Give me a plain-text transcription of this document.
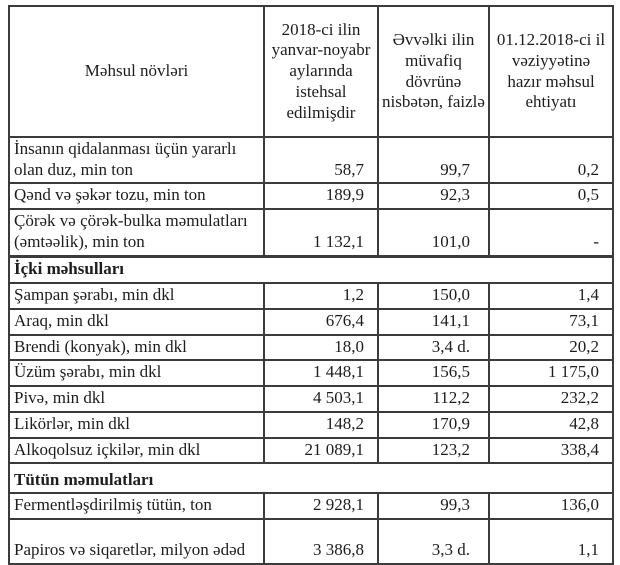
Məhsul növləri	2018-ci ilin yanvar-noyabr aylarında istehsal edilmişdir	Əvvəlki ilin müvafiq dövrünə nisbətən, faizlə	01.12.2018-ci il vəziyyətinə hazır məhsul ehtiyatı
İnsanın qidalanması üçün yararlı olan duz, min ton	58,7	99,7	0,2
Qənd və şəkər tozu, min ton	189,9	92,3	0,5
Çörək və çörək-bulka məmulatları (əmtəəlik), min ton	1 132,1	101,0	-
İçki məhsulları			
Şampan şərabı, min dkl	1,2	150,0	1,4
Araq, min dkl	676,4	141,1	73,1
Brendi (konyak), min dkl	18,0	3,4 d.	20,2
Üzüm şərabı, min dkl	1 448,1	156,5	1 175,0
Pivə, min dkl	4 503,1	112,2	232,2
Likörlər, min dkl	148,2	170,9	42,8
Alkoqolsuz içkilər, min dkl	21 089,1	123,2	338,4
Tütün məmulatları			
Fermentləşdirilmiş tütün, ton	2 928,1	99,3	136,0
Papiros və siqaretlər, milyon ədəd	3 386,8	3,3 d.	1,1
